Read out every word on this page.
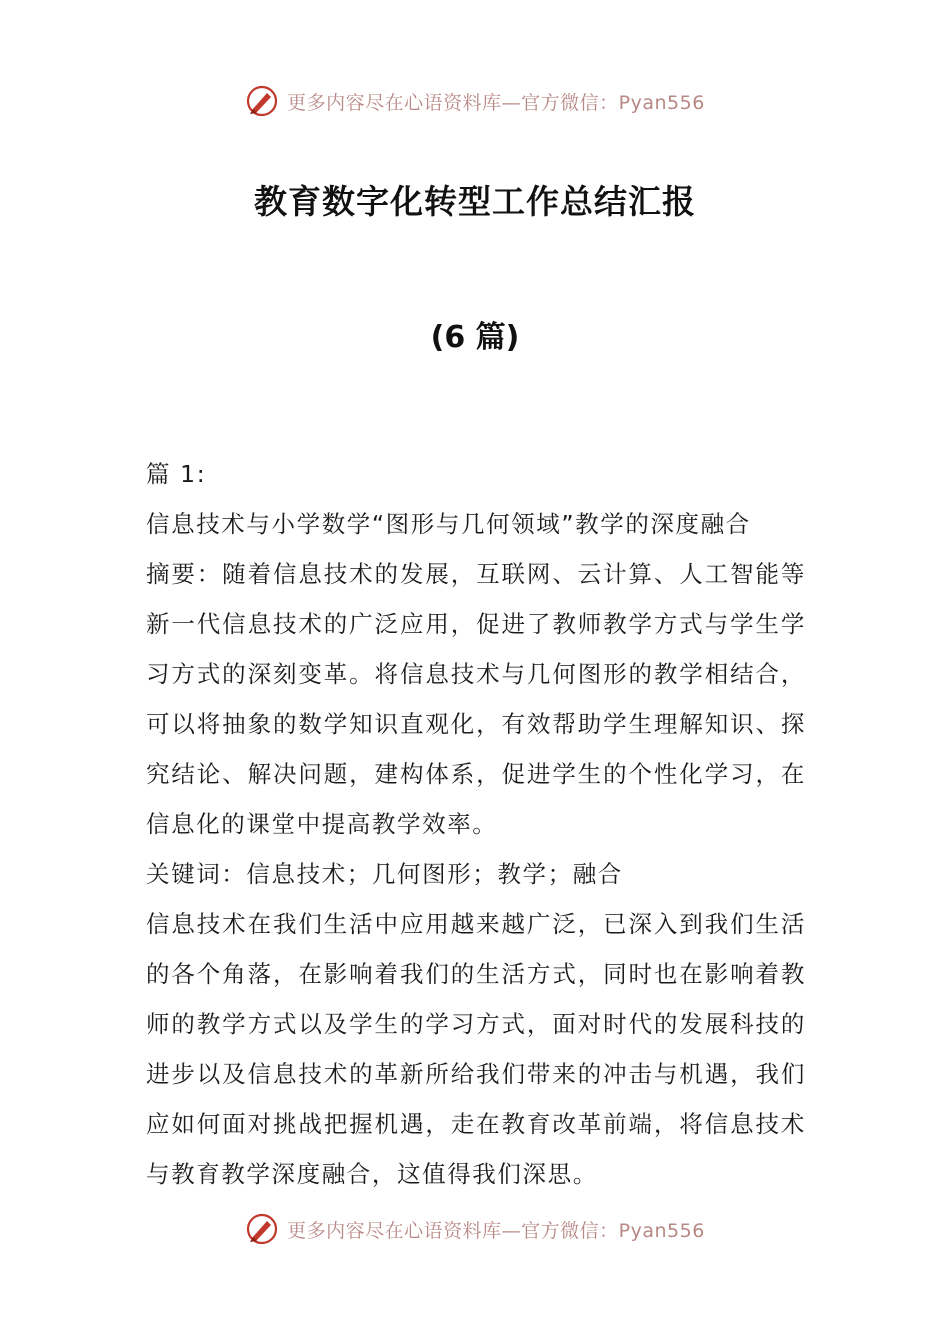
更多内容尽在心语资料库—官方微信：Pyan556
教育数字化转型工作总结汇报
(6 篇)

篇 1:

信息技术与小学数学“图形与几何领域”教学的深度融合

摘要：随着信息技术的发展，互联网、云计算、人工智能等新一代信息技术的广泛应用，促进了教师教学方式与学生学习方式的深刻变革。将信息技术与几何图形的教学相结合，可以将抽象的数学知识直观化，有效帮助学生理解知识、探究结论、解决问题，建构体系，促进学生的个性化学习，在信息化的课堂中提高教学效率。

关键词：信息技术；几何图形；教学；融合

信息技术在我们生活中应用越来越广泛，已深入到我们生活的各个角落，在影响着我们的生活方式，同时也在影响着教师的教学方式以及学生的学习方式，面对时代的发展科技的进步以及信息技术的革新所给我们带来的冲击与机遇，我们应如何面对挑战把握机遇，走在教育改革前端，将信息技术与教育教学深度融合，这值得我们深思。

更多内容尽在心语资料库—官方微信：Pyan556
